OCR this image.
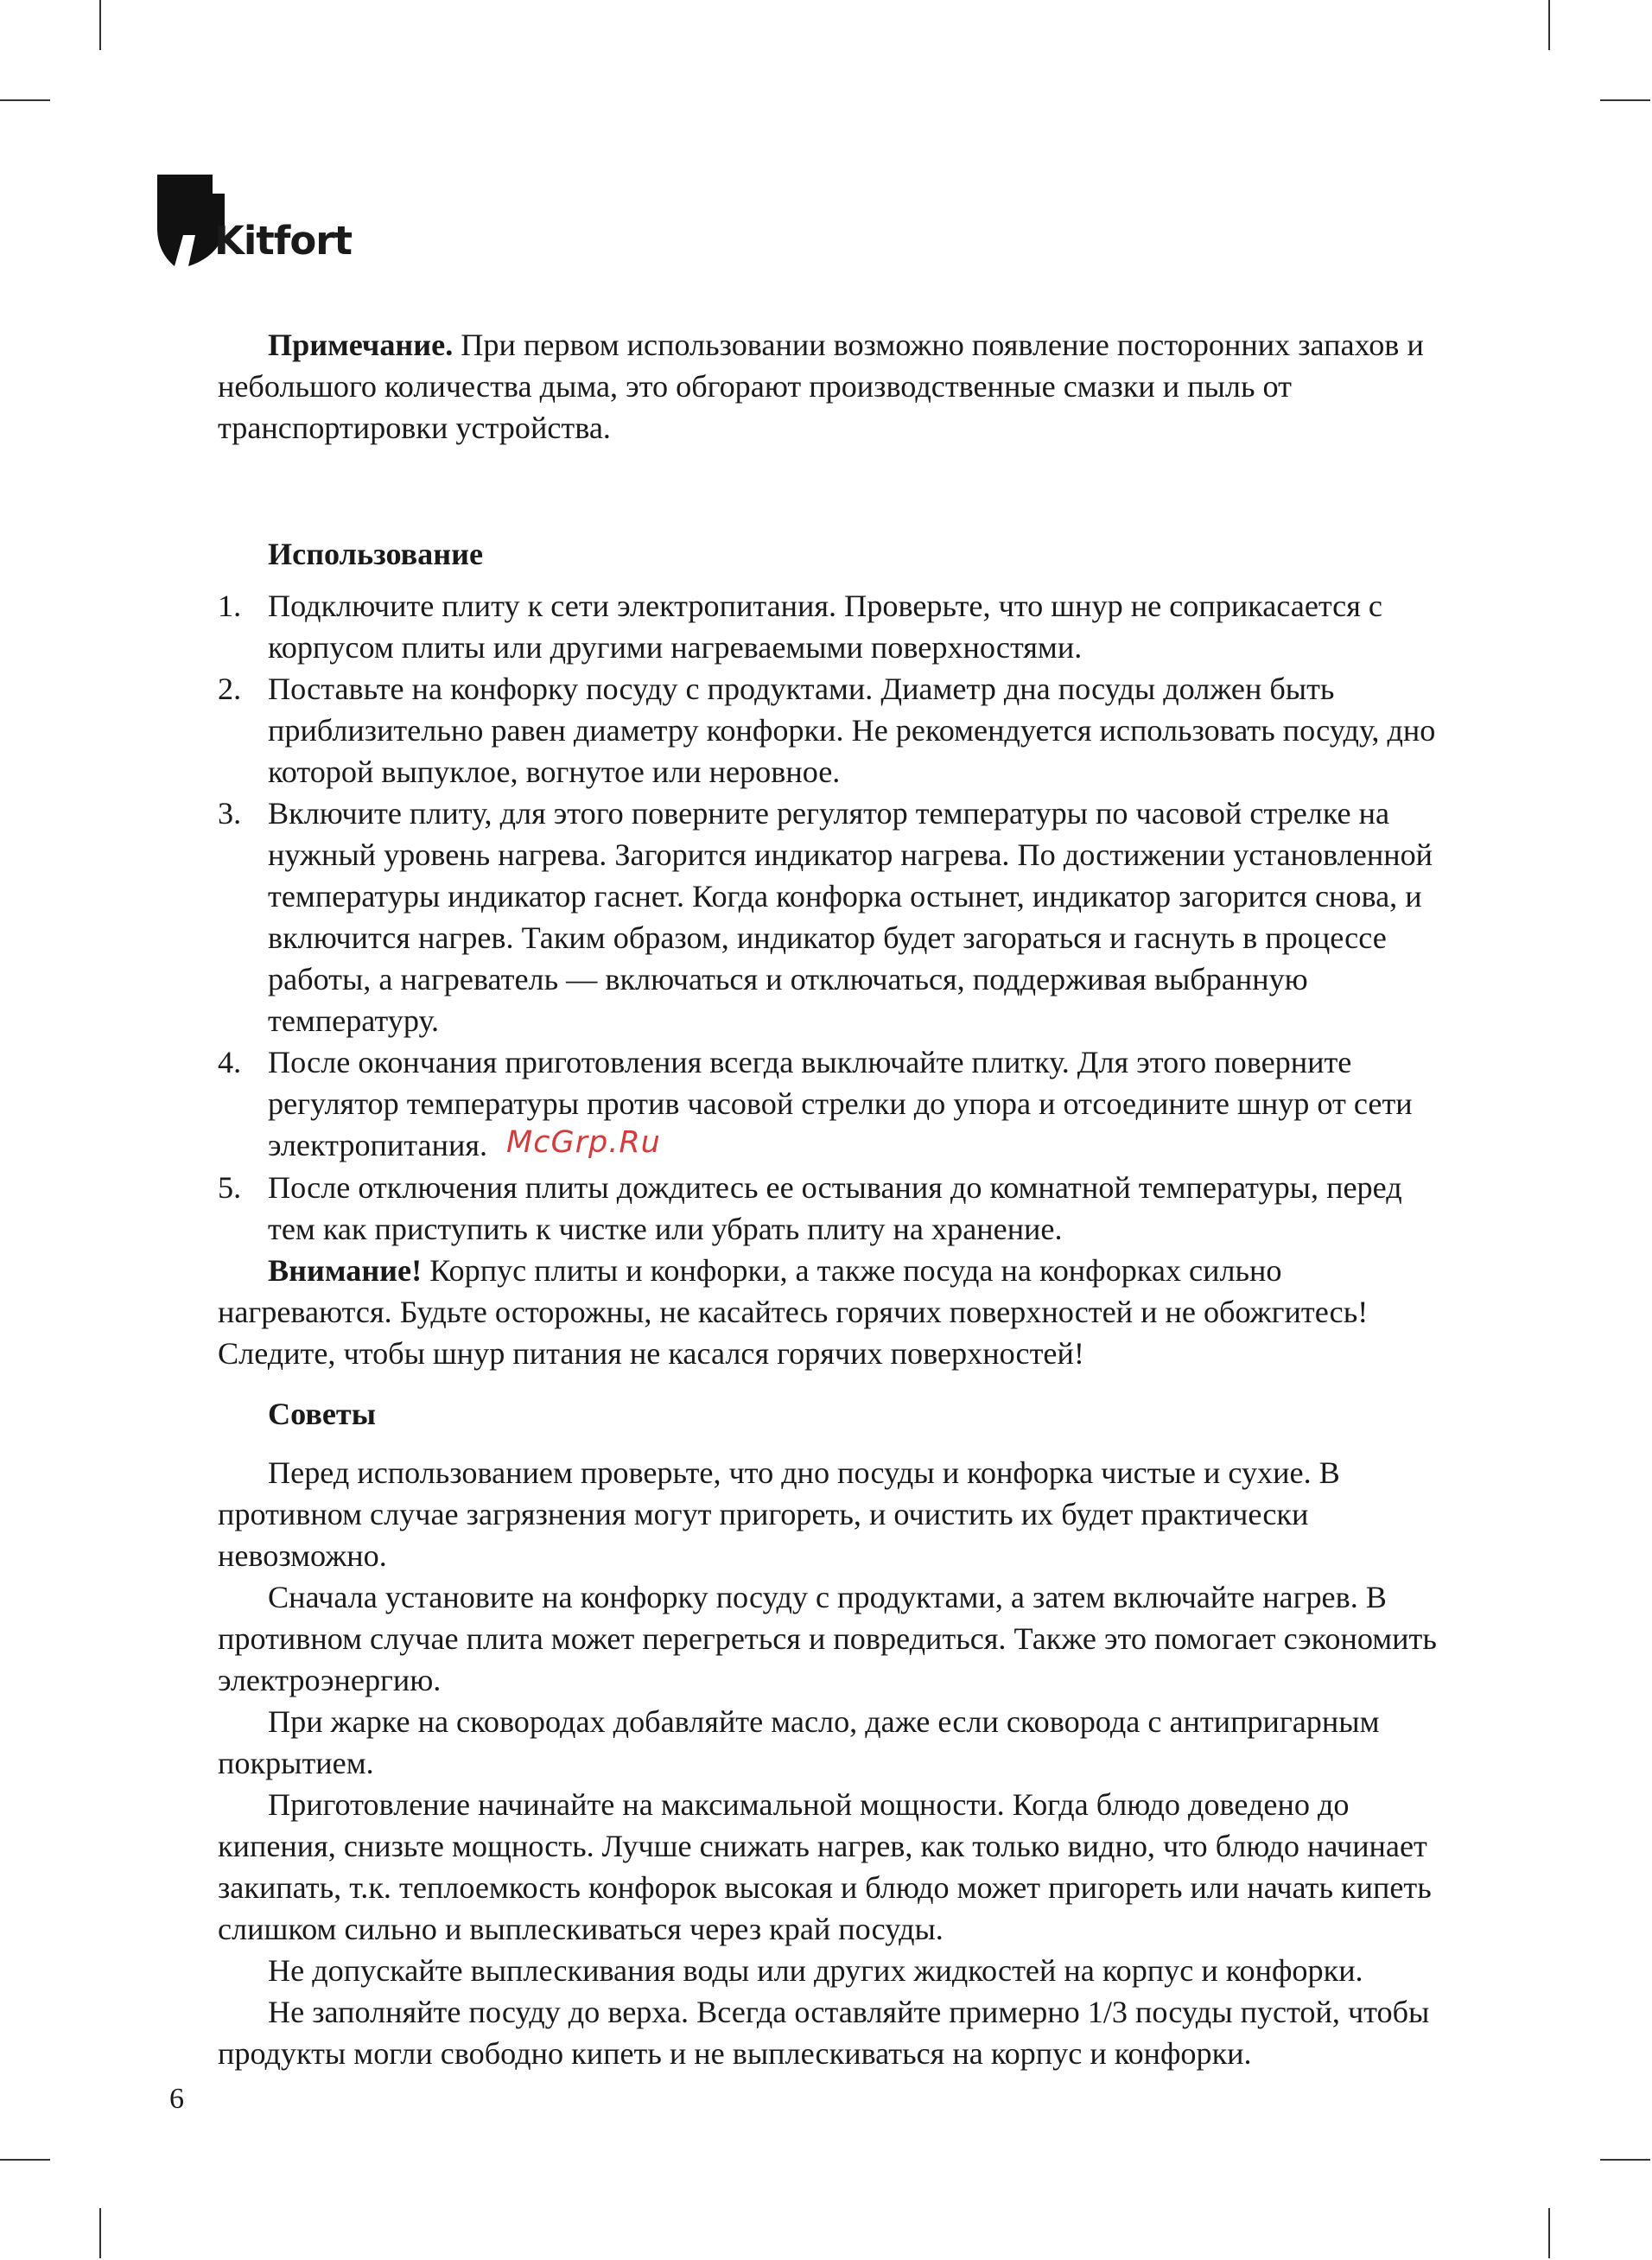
Kitfort

Примечание. При первом использовании возможно появление посторонних запахов и небольшого количества дыма, это обгорают производственные смазки и пыль от транспортировки устройства.

Использование

1. Подключите плиту к сети электропитания. Проверьте, что шнур не соприкасается с корпусом плиты или другими нагреваемыми поверхностями.
2. Поставьте на конфорку посуду с продуктами. Диаметр дна посуды должен быть приблизительно равен диаметру конфорки. Не рекомендуется использовать посуду, дно которой выпуклое, вогнутое или неровное.
3. Включите плиту, для этого поверните регулятор температуры по часовой стрелке на нужный уровень нагрева. Загорится индикатор нагрева. По достижении установленной температуры индикатор гаснет. Когда конфорка остынет, индикатор загорится снова, и включится нагрев. Таким образом, индикатор будет загораться и гаснуть в процессе работы, а нагреватель — включаться и отключаться, поддерживая выбранную температуру.
4. После окончания приготовления всегда выключайте плитку. Для этого поверните регулятор температуры против часовой стрелки до упора и отсоедините шнур от сети электропитания. McGrp.Ru
5. После отключения плиты дождитесь ее остывания до комнатной температуры, перед тем как приступить к чистке или убрать плиту на хранение.

Внимание! Корпус плиты и конфорки, а также посуда на конфорках сильно нагреваются. Будьте осторожны, не касайтесь горячих поверхностей и не обожгитесь! Следите, чтобы шнур питания не касался горячих поверхностей!

Советы

Перед использованием проверьте, что дно посуды и конфорка чистые и сухие. В противном случае загрязнения могут пригореть, и очистить их будет практически невозможно.

Сначала установите на конфорку посуду с продуктами, а затем включайте нагрев. В противном случае плита может перегреться и повредиться. Также это помогает сэкономить электроэнергию.

При жарке на сковородах добавляйте масло, даже если сковорода с антипригарным покрытием.

Приготовление начинайте на максимальной мощности. Когда блюдо доведено до кипения, снизьте мощность. Лучше снижать нагрев, как только видно, что блюдо начинает закипать, т.к. теплоемкость конфорок высокая и блюдо может пригореть или начать кипеть слишком сильно и выплескиваться через край посуды.

Не допускайте выплескивания воды или других жидкостей на корпус и конфорки.

Не заполняйте посуду до верха. Всегда оставляйте примерно 1/3 посуды пустой, чтобы продукты могли свободно кипеть и не выплескиваться на корпус и конфорки.

6
